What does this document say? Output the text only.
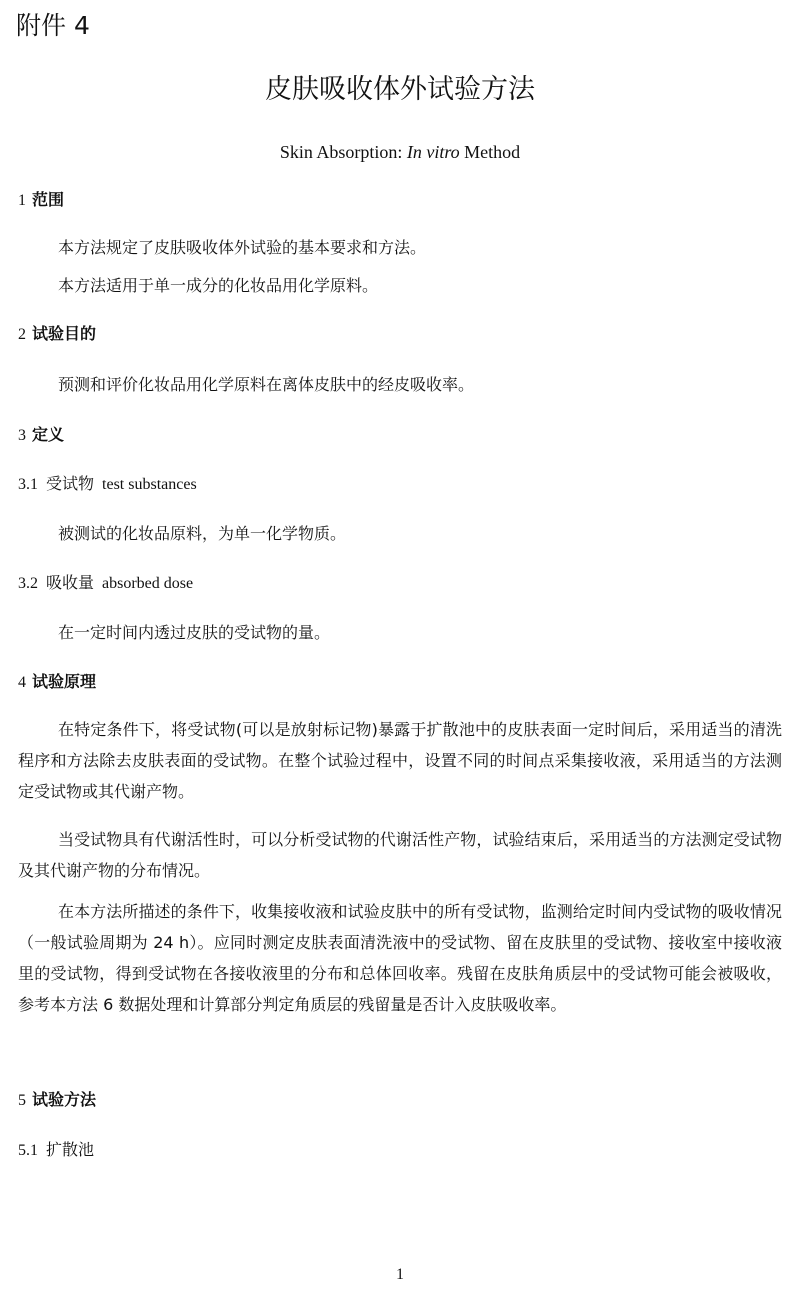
附件 4
皮肤吸收体外试验方法
Skin Absorption: In vitro Method
1 范围

本方法规定了皮肤吸收体外试验的基本要求和方法。

本方法适用于单一成分的化妆品用化学原料。

2 试验目的

预测和评价化妆品用化学原料在离体皮肤中的经皮吸收率。

3 定义
3.1 受试物 test substances

被测试的化妆品原料，为单一化学物质。

3.2 吸收量 absorbed dose

在一定时间内透过皮肤的受试物的量。

4 试验原理

在特定条件下，将受试物(可以是放射标记物)暴露于扩散池中的皮肤表面一定时间后，采用适当的清洗程序和方法除去皮肤表面的受试物。在整个试验过程中，设置不同的时间点采集接收液，采用适当的方法测定受试物或其代谢产物。

当受试物具有代谢活性时，可以分析受试物的代谢活性产物，试验结束后，采用适当的方法测定受试物及其代谢产物的分布情况。

在本方法所描述的条件下，收集接收液和试验皮肤中的所有受试物，监测给定时间内受试物的吸收情况（一般试验周期为 24 h）。应同时测定皮肤表面清洗液中的受试物、留在皮肤里的受试物、接收室中接收液里的受试物，得到受试物在各接收液里的分布和总体回收率。残留在皮肤角质层中的受试物可能会被吸收，参考本方法 6 数据处理和计算部分判定角质层的残留量是否计入皮肤吸收率。

5 试验方法
5.1 扩散池
1
